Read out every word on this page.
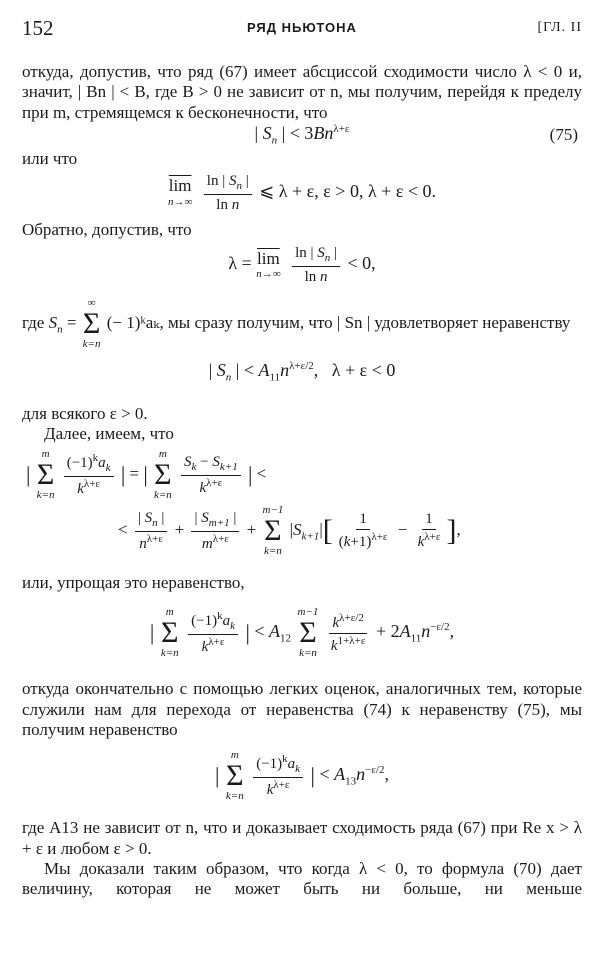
152	РЯД НЬЮТОНА	[ГЛ. II

откуда, допустив, что ряд (67) имеет абсциссой сходимости число λ < 0 и, значит, | Bn | < B, где B > 0 не зависит от n, мы получим, перейдя к пределу при m, стремящемся к бесконечности, что

| $S_n$ | < $3Bn^{\lambda+\varepsilon}$	(75)

или что

$\overline{lim}$
n→∞
$\frac{\ln | S_n |}{\text{ln n}}$ ⩽ λ + ε, ε > 0, λ + ε < 0.

Обратно, допустив, что

$\lambda = \overline{lim}$
n→∞
$\frac{\ln | S_n |}{\text{ln n}} < 0$,
где $S_n$ =
∞
Σ
k=n
(− 1)ᵏaₖ, мы сразу получим, что | Sn | удовлетворяет неравенству
| $S_n$ | < $A_{11}n^{\lambda+\varepsilon/2}$,   λ + ε < 0

для всякого ε > 0.

Далее, имеем, что

|
m
Σ
k=n
$\frac{(-1)^ka_k}{k^{\lambda+\varepsilon}}$ | = |
m
Σ
k=n
$\frac{S_k - S_{k+1}}{k^{\lambda+\varepsilon}}$ | <
< $\frac{| S_n |}{n^{\lambda+\varepsilon}} + \frac{| S_{m+1} |}{m^{\lambda+\varepsilon}}$ +
m−1
Σ
k=n
$|S_{k+1}|[ \frac{1}{(k+1)^{\lambda+\varepsilon}} - \frac{1}{k^{\lambda+\varepsilon}}$ ],

или, упрощая это неравенство,

|
m
Σ
k=n
$\frac{(-1)^ka_k}{k^{\lambda+\varepsilon}}$ | < $A_{12}$
m−1
Σ
k=n
$\frac{k^{\lambda+\varepsilon/2}}{k^{1+\lambda+\varepsilon}} + 2A_{11}n^{-\varepsilon/2}$,

откуда окончательно с помощью легких оценок, аналогичных тем, которые служили нам для перехода от неравенства (74) к неравенству (75), мы получим неравенство

|
m
Σ
k=n
$\frac{(-1)^ka_k}{k^{\lambda+\varepsilon}}$ | < $A_{13}n^{-\varepsilon/2}$,

где A13 не зависит от n, что и доказывает сходимость ряда (67) при Re x > λ + ε и любом ε > 0.

Мы доказали таким образом, что когда λ < 0, то формула (70) дает величину, которая не может быть ни больше, ни меньше
